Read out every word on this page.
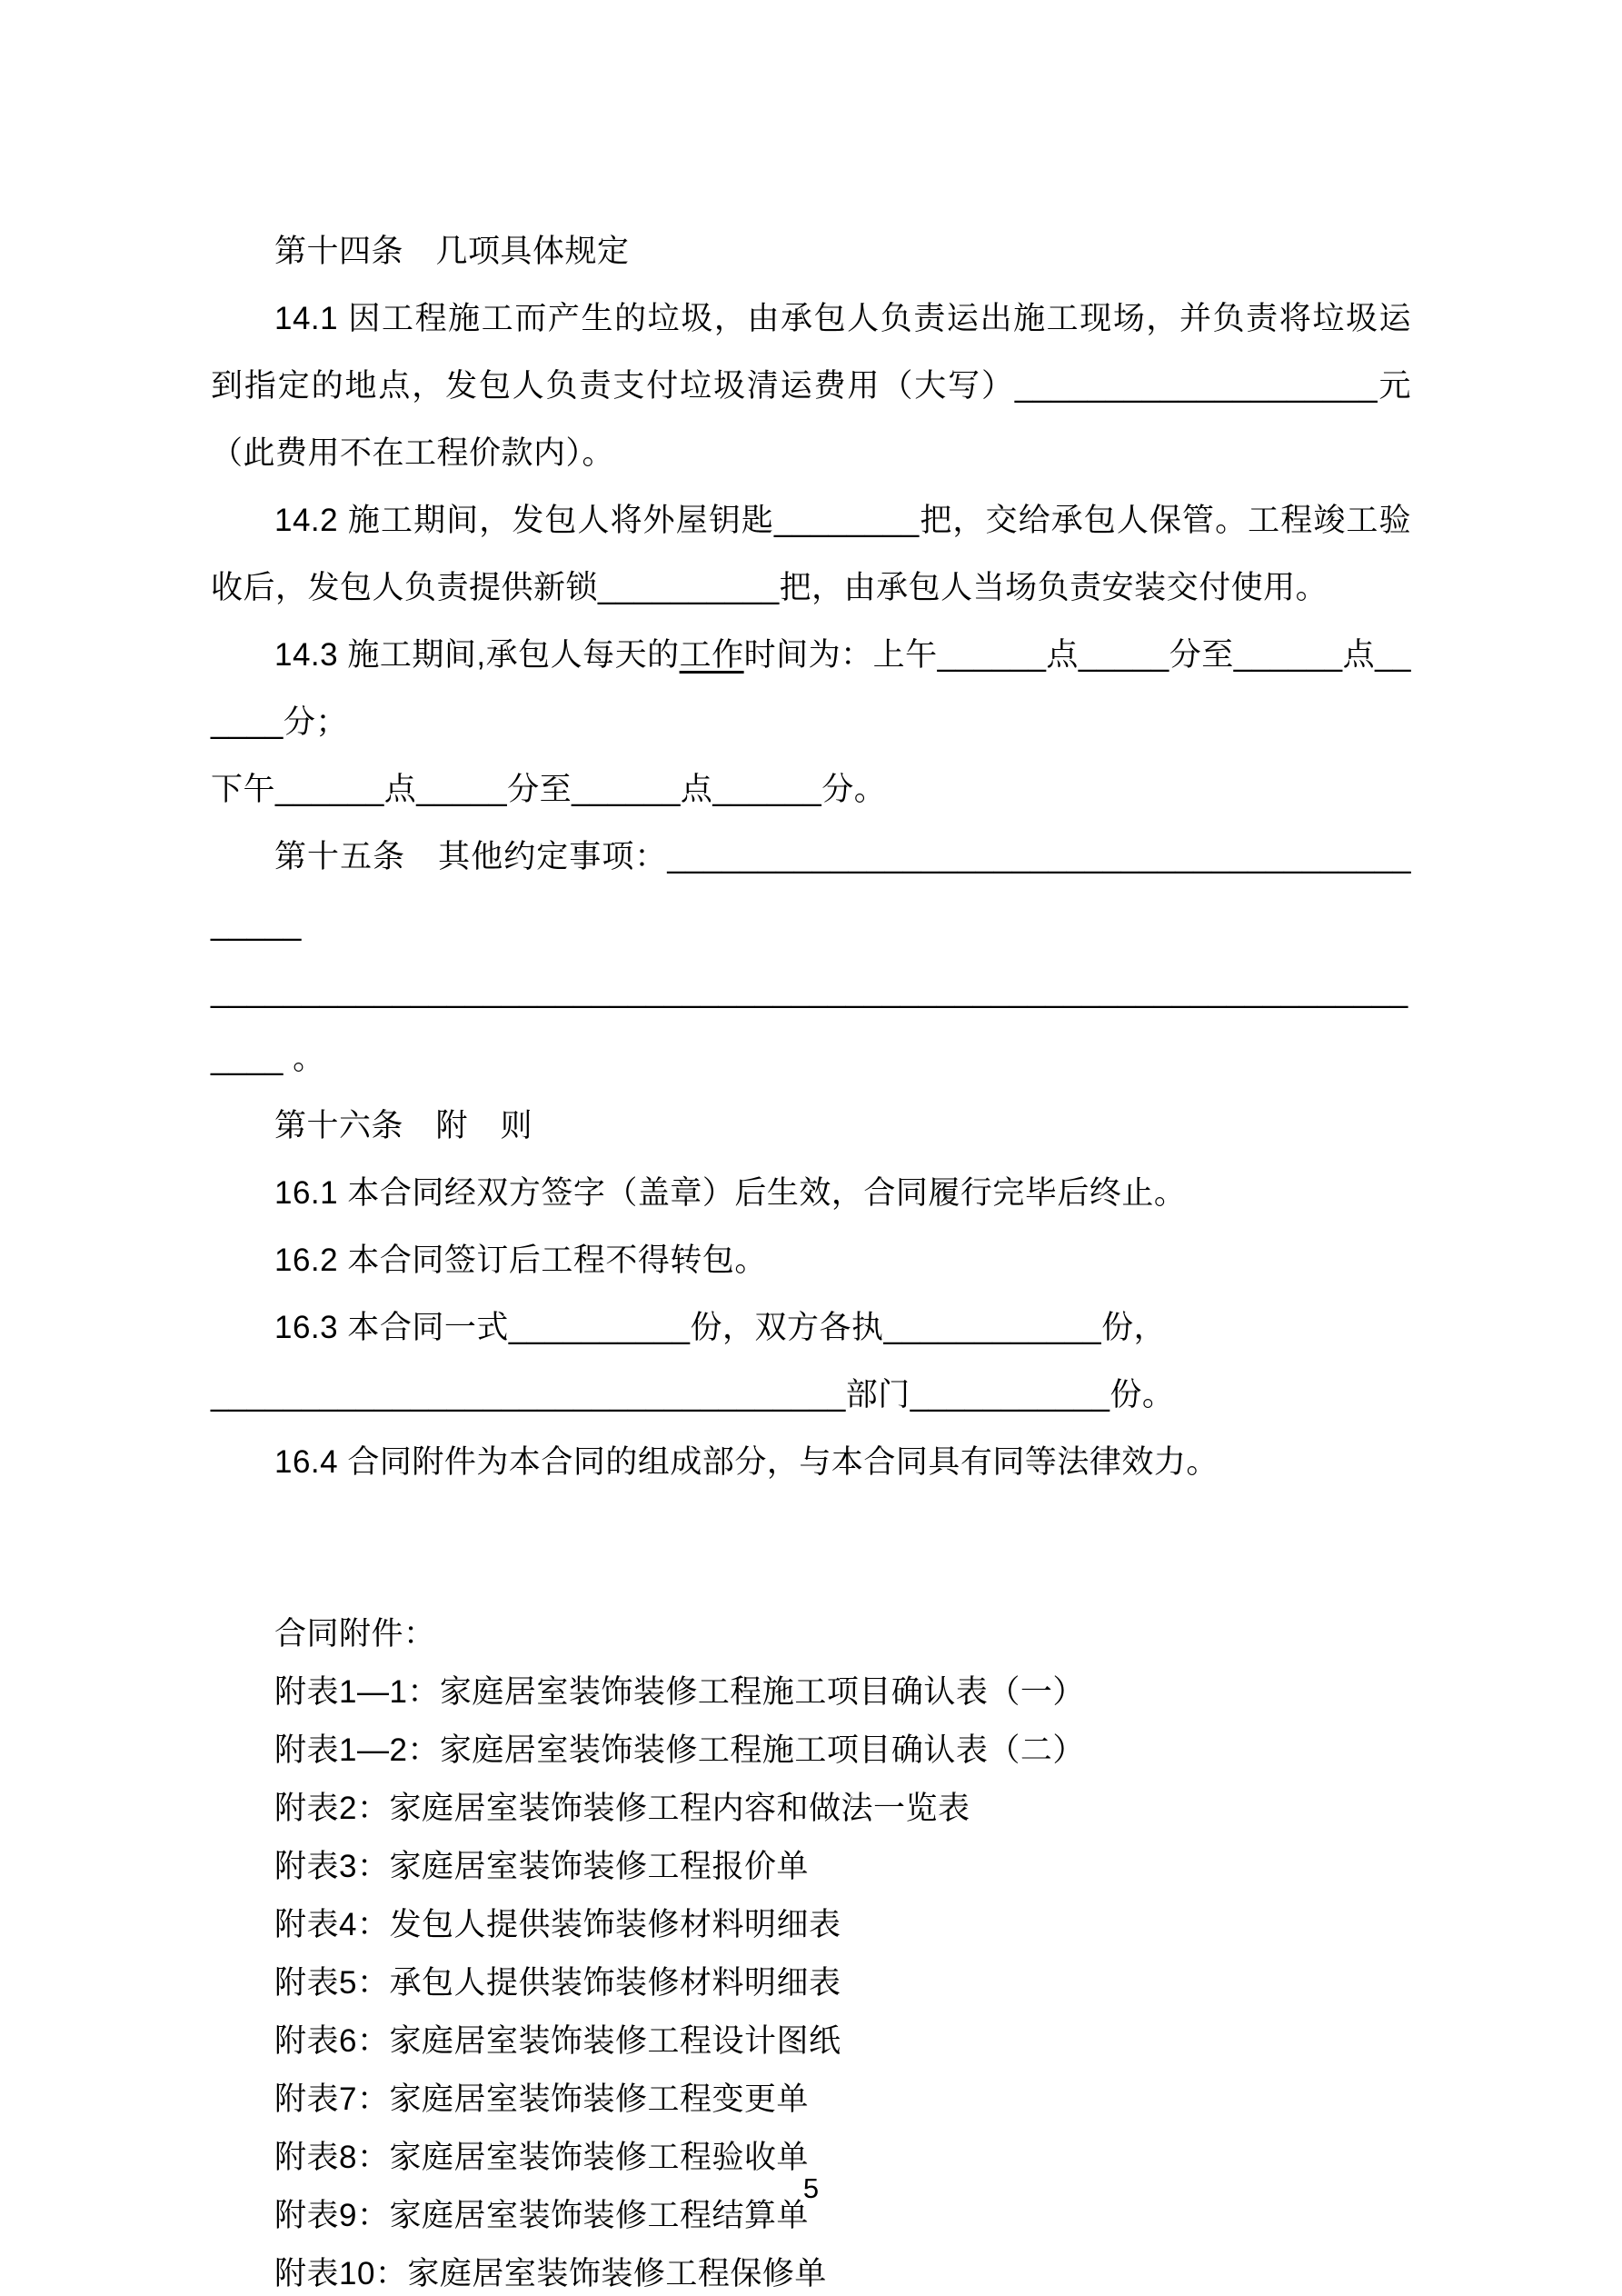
第十四条　几项具体规定

14.1 因工程施工而产生的垃圾，由承包人负责运出施工现场，并负责将垃圾运到指定的地点，发包人负责支付垃圾清运费用（大写）____________________元（此费用不在工程价款内）。

14.2 施工期间，发包人将外屋钥匙________把，交给承包人保管。工程竣工验收后，发包人负责提供新锁__________把，由承包人当场负责安装交付使用。

14.3 施工期间,承包人每天的工作时间为：上午______点_____分至______点______分；

下午______点_____分至______点______分。

第十五条　其他约定事项：______________________________________________

______________________________________________________________________ 。

第十六条　附　则

16.1 本合同经双方签字（盖章）后生效，合同履行完毕后终止。

16.2 本合同签订后工程不得转包。

16.3 本合同一式__________份，双方各执____________份，

___________________________________部门___________份。

16.4 合同附件为本合同的组成部分，与本合同具有同等法律效力。

合同附件：

附表1—1：家庭居室装饰装修工程施工项目确认表（一）

附表1—2：家庭居室装饰装修工程施工项目确认表（二）

附表2：家庭居室装饰装修工程内容和做法一览表

附表3：家庭居室装饰装修工程报价单

附表4：发包人提供装饰装修材料明细表

附表5：承包人提供装饰装修材料明细表

附表6：家庭居室装饰装修工程设计图纸

附表7：家庭居室装饰装修工程变更单

附表8：家庭居室装饰装修工程验收单

附表9：家庭居室装饰装修工程结算单

附表10：家庭居室装饰装修工程保修单

5
